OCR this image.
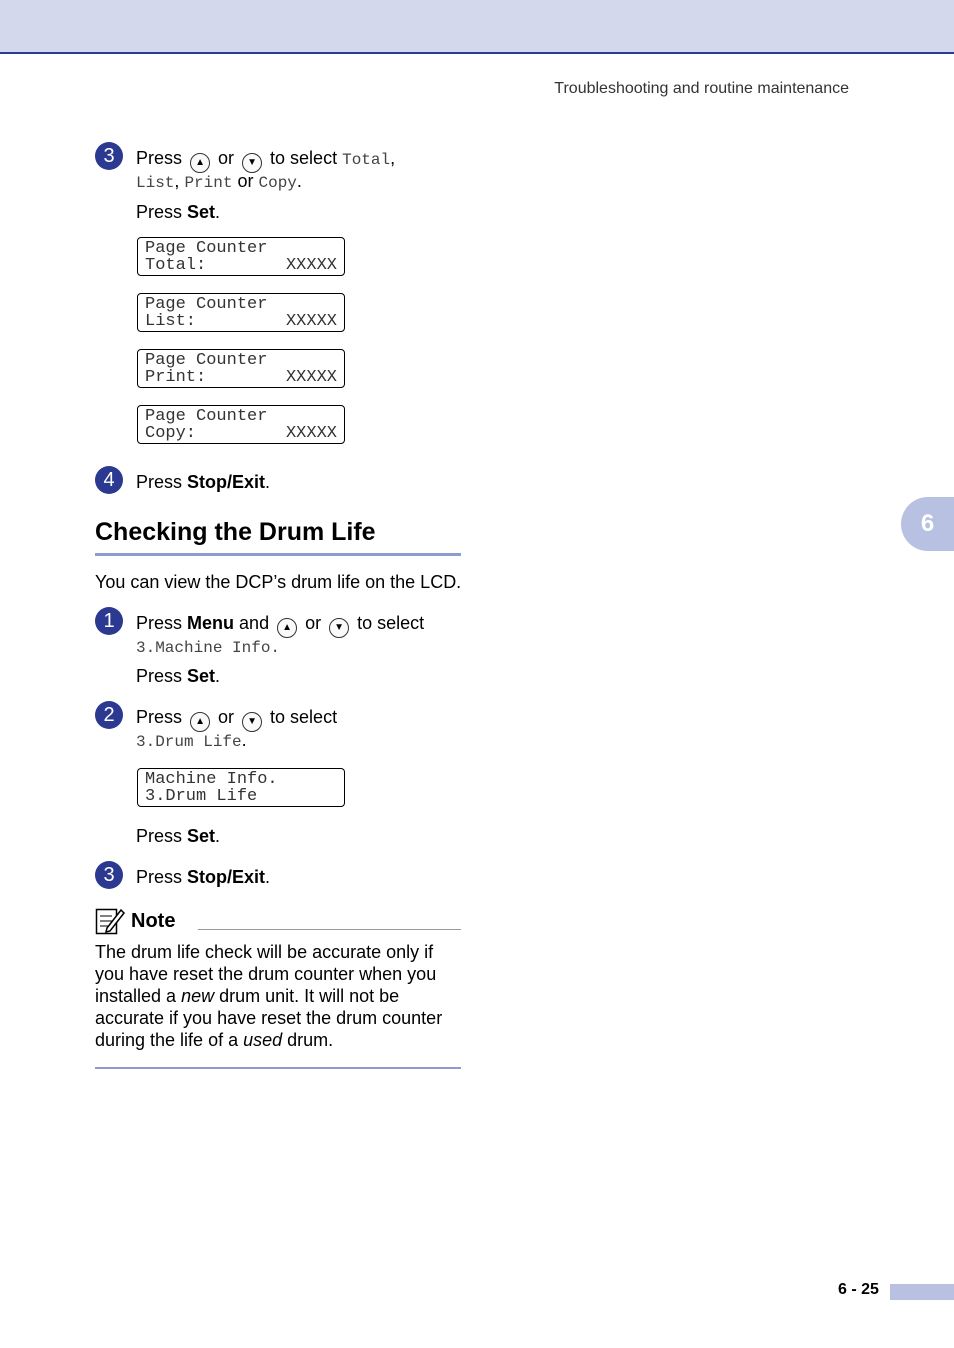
Troubleshooting and routine maintenance
6
3	Press ▲ or ▼ to select Total,
List, Print or Copy.
Press Set.
Page Counter
Total:	XXXXX
Page Counter
List:	XXXXX
Page Counter
Print:	XXXXX
Page Counter
Copy:	XXXXX
4	Press Stop/Exit.
Checking the Drum Life
You can view the DCP’s drum life on the LCD.
1	Press Menu and ▲ or ▼ to select
3.Machine Info.
Press Set.
2	Press ▲ or ▼ to select
3.Drum Life.
Machine Info.
3.Drum Life
Press Set.
3	Press Stop/Exit.
Note
The drum life check will be accurate only if you have reset the drum counter when you installed a new drum unit. It will not be accurate if you have reset the drum counter during the life of a used drum.
6 - 25
